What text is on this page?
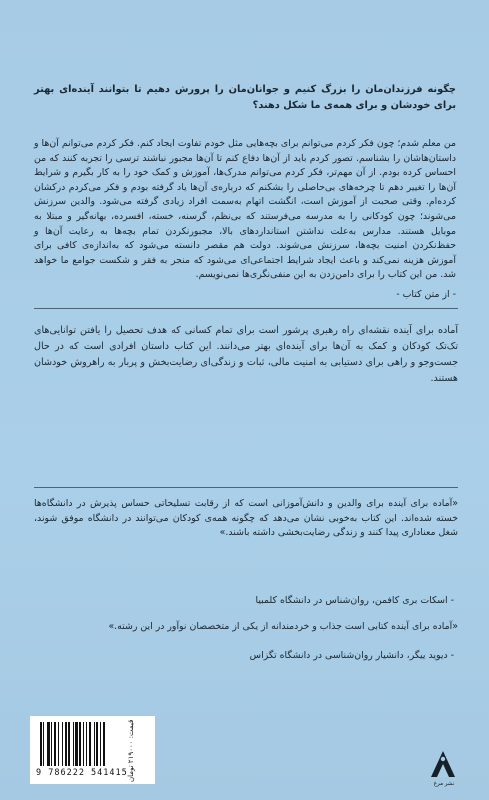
چگونه فرزندان‌مان را بزرگ کنیم و جوانان‌مان را پرورش دهیم تا بتوانند آینده‌ای بهتر برای خودشان و برای همه‌ی ما شکل دهند؟
من معلم شدم؛ چون فکر کردم می‌توانم برای بچه‌هایی مثل خودم تفاوت ایجاد کنم. فکر کردم می‌توانم آن‌ها و داستان‌هاشان را بشناسم. تصور کردم باید از آن‌ها دفاع کنم تا آن‌ها مجبور نباشند ترسی را تجربه کنند که من احساس کرده بودم. از آن مهم‌تر، فکر کردم می‌توانم مدرک‌ها، آموزش و کمک خود را به کار بگیرم و شرایط آن‌ها را تغییر دهم تا چرخه‌های بی‌حاصلی را بشکنم که درباره‌ی آن‌ها یاد گرفته بودم و فکر می‌کردم درکشان کرده‌ام. وقتی صحبت از آموزش است، انگشت اتهام به‌سمت افراد زیادی گرفته می‌شود. والدین سرزنش می‌شوند؛ چون کودکانی را به مدرسه می‌فرستند که بی‌نظم، گرسنه، خسته، افسرده، بهانه‌گیر و مبتلا به موبایل هستند. مدارس به‌علت نداشتن استانداردهای بالا، مجبورنکردن تمام بچه‌ها به رعایت آن‌ها و حفظ‌نکردن امنیت بچه‌ها، سرزنش می‌شوند. دولت هم مقصر دانسته می‌شود که به‌اندازه‌ی کافی برای آموزش هزینه نمی‌کند و باعث ایجاد شرایط اجتماعی‌ای می‌شود که منجر به فقر و شکست جوامع ما خواهد شد. من این کتاب را برای دامن‌زدن به این منفی‌نگری‌ها نمی‌نویسم.
- از متن کتاب -
آماده برای آینده نقشه‌ای راه رهبری پرشور است برای تمام کسانی که هدف تحصیل را یافتن توانایی‌های تک‌تک کودکان و کمک به آن‌ها برای آینده‌ای بهتر می‌دانند. این کتاب داستان افرادی است که در حال جست‌وجو و راهی برای دستیابی به امنیت مالی، ثبات و زندگی‌ای رضایت‌بخش و پربار به راهروش خودشان هستند.
«آماده برای آینده برای والدین و دانش‌آموزانی است که از رقابت تسلیحاتی حساس پذیرش در دانشگاه‌ها خسته شده‌اند. این کتاب به‌خوبی نشان می‌دهد که چگونه همه‌ی کودکان می‌توانند در دانشگاه موفق شوند، شغل معناداری پیدا کنند و زندگی رضایت‌بخشی داشته باشند.»
- اسکات بری کافمن، روان‌شناس در دانشگاه کلمبیا
«آماده برای آینده کتابی است جذاب و خردمندانه از یکی از متخصصان نوآور در این رشته.»
- دیوید ییگر، دانشیار روان‌شناسی در دانشگاه تگزاس
9 786222 541415 قیمت: ۲۱۹۰۰۰ تومان
نشر مرغ
